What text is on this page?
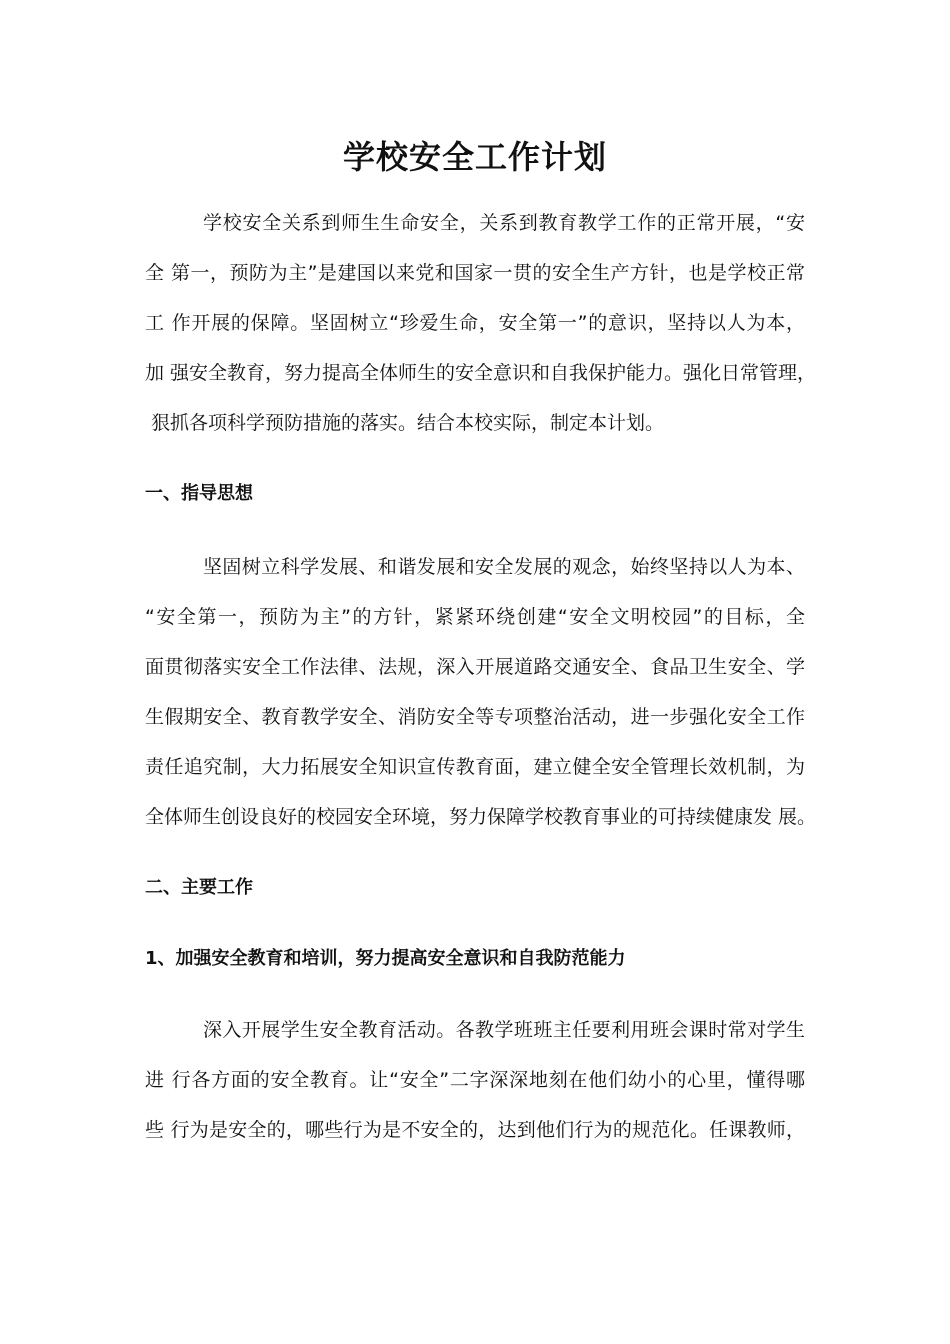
学校安全工作计划
学校安全关系到师生生命安全，关系到教育教学工作的正常开展，“安
全 第一，预防为主”是建国以来党和国家一贯的安全生产方针，也是学校正常
工 作开展的保障。坚固树立“珍爱生命，安全第一”的意识，坚持以人为本，
加 强安全教育，努力提高全体师生的安全意识和自我保护能力。强化日常管理，
狠抓各项科学预防措施的落实。结合本校实际，制定本计划。
一、指导思想
坚固树立科学发展、和谐发展和安全发展的观念，始终坚持以人为本、
“安全第一，预防为主”的方针，紧紧环绕创建“安全文明校园”的目标，全
面贯彻落实安全工作法律、法规，深入开展道路交通安全、食品卫生安全、学
生假期安全、教育教学安全、消防安全等专项整治活动，进一步强化安全工作
责任追究制，大力拓展安全知识宣传教育面，建立健全安全管理长效机制，为
全体师生创设良好的校园安全环境，努力保障学校教育事业的可持续健康发 展。
二、主要工作
1、加强安全教育和培训，努力提高安全意识和自我防范能力
深入开展学生安全教育活动。各教学班班主任要利用班会课时常对学生
进 行各方面的安全教育。让“安全”二字深深地刻在他们幼小的心里，懂得哪
些 行为是安全的，哪些行为是不安全的，达到他们行为的规范化。任课教师，
